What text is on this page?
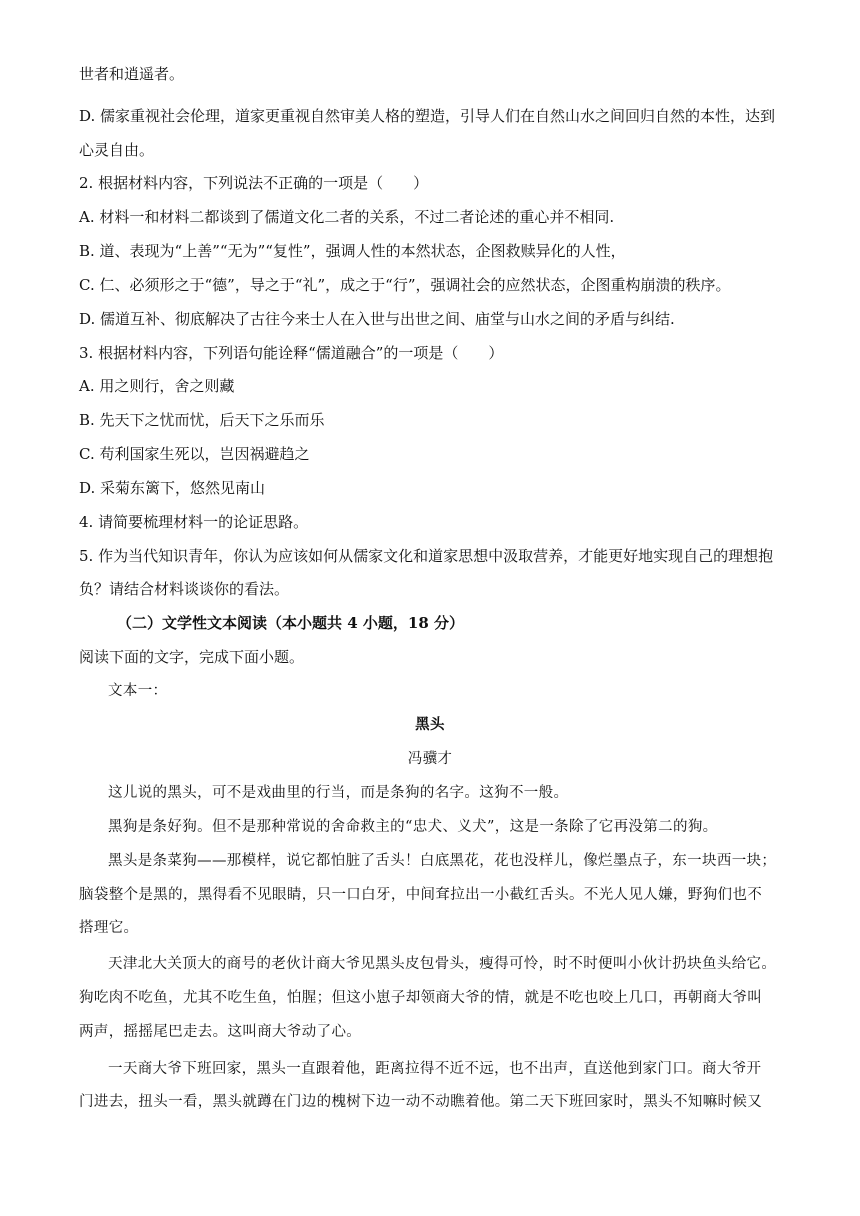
世者和逍遥者。
D. 儒家重视社会伦理，道家更重视自然审美人格的塑造，引导人们在自然山水之间回归自然的本性，达到
心灵自由。
2. 根据材料内容，下列说法不正确的一项是（　　）
A. 材料一和材料二都谈到了儒道文化二者的关系，不过二者论述的重心并不相同.
B. 道、表现为“上善”“无为”“复性”，强调人性的本然状态，企图救赎异化的人性，
C. 仁、必须形之于“德”，导之于“礼”，成之于“行”，强调社会的应然状态，企图重构崩溃的秩序。
D. 儒道互补、彻底解决了古往今来士人在入世与出世之间、庙堂与山水之间的矛盾与纠结.
3. 根据材料内容，下列语句能诠释“儒道融合”的一项是（　　）
A. 用之则行，舍之则藏
B. 先天下之忧而忧，后天下之乐而乐
C. 苟利国家生死以，岂因祸避趋之
D. 采菊东篱下，悠然见南山
4. 请简要梳理材料一的论证思路。
5. 作为当代知识青年，你认为应该如何从儒家文化和道家思想中汲取营养，才能更好地实现自己的理想抱
负？请结合材料谈谈你的看法。
（二）文学性文本阅读（本小题共 4 小题，18 分）
阅读下面的文字，完成下面小题。
文本一：
黑头
冯骥才
这儿说的黑头，可不是戏曲里的行当，而是条狗的名字。这狗不一般。
黑狗是条好狗。但不是那种常说的舍命救主的“忠犬、义犬”，这是一条除了它再没第二的狗。
黑头是条菜狗——那模样，说它都怕脏了舌头！白底黑花，花也没样儿，像烂墨点子，东一块西一块；
脑袋整个是黑的，黑得看不见眼睛，只一口白牙，中间耷拉出一小截红舌头。不光人见人嫌，野狗们也不
搭理它。
天津北大关顶大的商号的老伙计商大爷见黑头皮包骨头，瘦得可怜，时不时便叫小伙计扔块鱼头给它。
狗吃肉不吃鱼，尤其不吃生鱼，怕腥；但这小崽子却领商大爷的情，就是不吃也咬上几口，再朝商大爷叫
两声，摇摇尾巴走去。这叫商大爷动了心。
一天商大爷下班回家，黑头一直跟着他，距离拉得不近不远，也不出声，直送他到家门口。商大爷开
门进去，扭头一看，黑头就蹲在门边的槐树下边一动不动瞧着他。第二天下班回家时，黑头不知嘛时候又
